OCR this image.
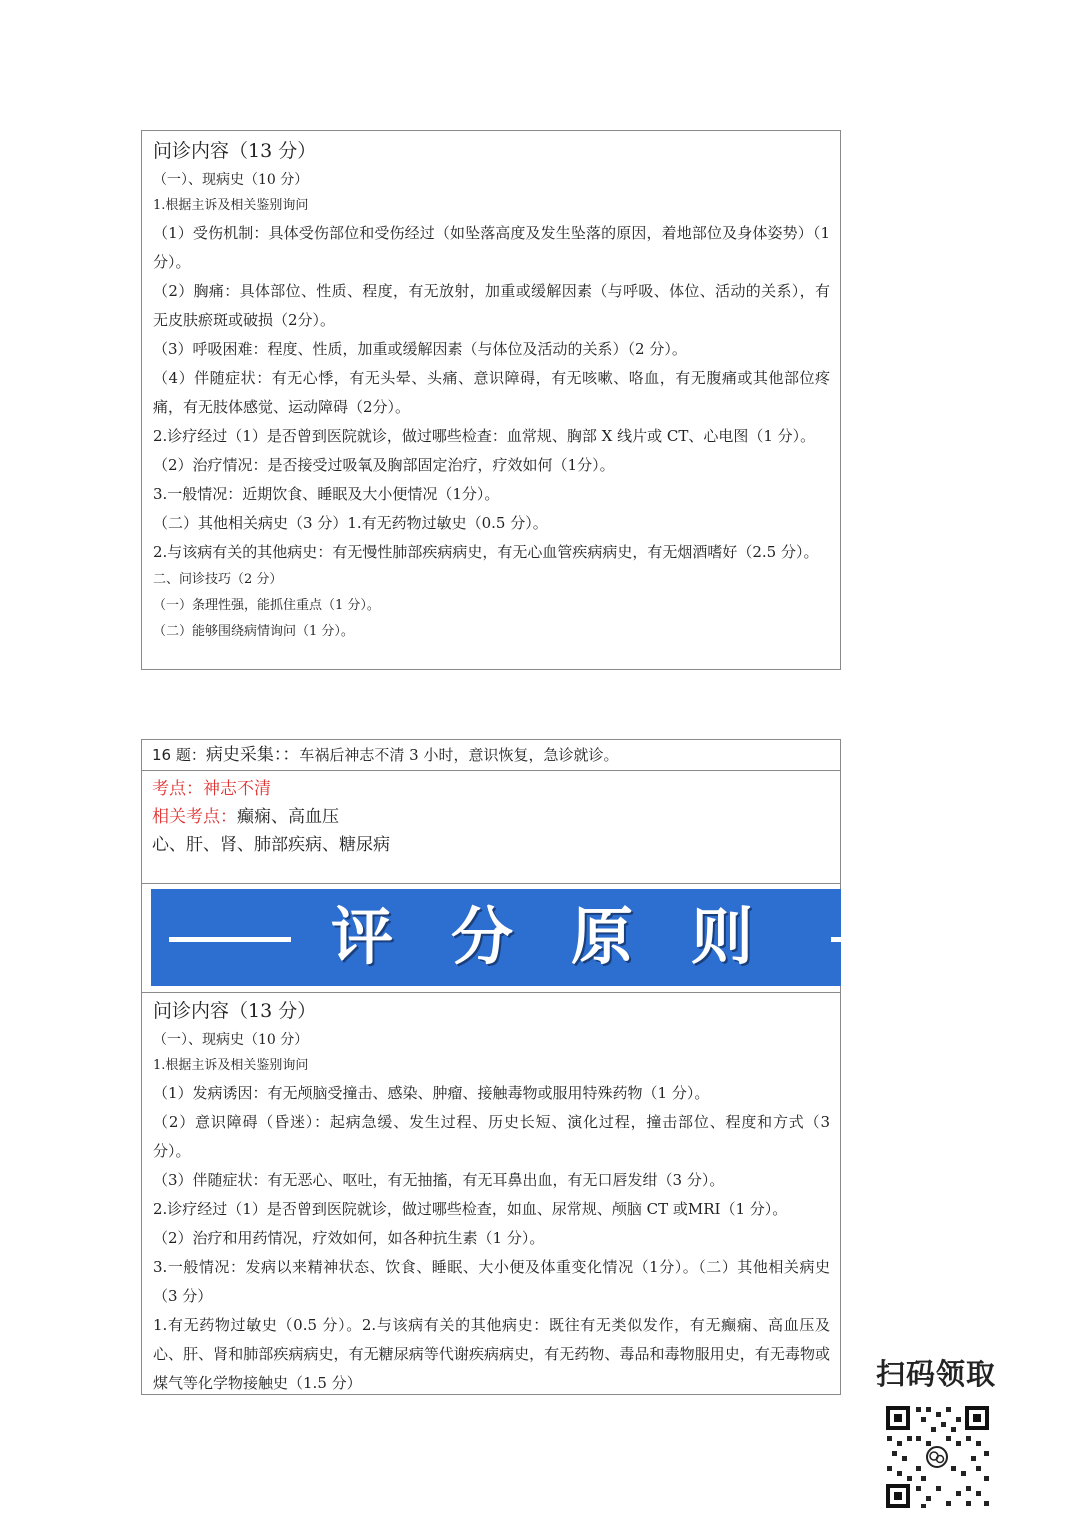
问诊内容（13 分）
（一）、现病史（10 分）
1.根据主诉及相关鉴别询问
（1）受伤机制：具体受伤部位和受伤经过（如坠落高度及发生坠落的原因，着地部位及身体姿势）（1 分）。
（2）胸痛：具体部位、性质、程度，有无放射，加重或缓解因素（与呼吸、体位、活动的关系），有无皮肤瘀斑或破损（2分）。
（3）呼吸困难：程度、性质，加重或缓解因素（与体位及活动的关系）（2 分）。
（4）伴随症状：有无心悸，有无头晕、头痛、意识障碍，有无咳嗽、咯血，有无腹痛或其他部位疼痛，有无肢体感觉、运动障碍（2分）。
2.诊疗经过（1）是否曾到医院就诊，做过哪些检查：血常规、胸部 X 线片或 CT、心电图（1 分）。
（2）治疗情况：是否接受过吸氧及胸部固定治疗，疗效如何（1分）。
3.一般情况：近期饮食、睡眠及大小便情况（1分）。
（二）其他相关病史（3 分）1.有无药物过敏史（0.5 分）。
2.与该病有关的其他病史：有无慢性肺部疾病病史，有无心血管疾病病史，有无烟酒嗜好（2.5 分）。
二、问诊技巧（2 分）
（一）条理性强，能抓住重点（1 分）。
（二）能够围绕病情询问（1 分）。
16 题：病史采集：：车祸后神志不清 3 小时，意识恢复，急诊就诊。
考点：神志不清
相关考点：癫痫、高血压
心、肝、肾、肺部疾病、糖尿病
评分原则
问诊内容（13 分）
（一）、现病史（10 分）
1.根据主诉及相关鉴别询问
（1）发病诱因：有无颅脑受撞击、感染、肿瘤、接触毒物或服用特殊药物（1 分）。
（2）意识障碍（昏迷）：起病急缓、发生过程、历史长短、演化过程，撞击部位、程度和方式（3 分）。
（3）伴随症状：有无恶心、呕吐，有无抽搐，有无耳鼻出血，有无口唇发绀（3 分）。
2.诊疗经过（1）是否曾到医院就诊，做过哪些检查，如血、尿常规、颅脑 CT 或MRI（1 分）。
（2）治疗和用药情况，疗效如何，如各种抗生素（1 分）。
3.一般情况：发病以来精神状态、饮食、睡眠、大小便及体重变化情况（1分）。（二）其他相关病史（3 分）
1.有无药物过敏史（0.5 分）。2.与该病有关的其他病史：既往有无类似发作，有无癫痫、高血压及心、肝、肾和肺部疾病病史，有无糖尿病等代谢疾病病史，有无药物、毒品和毒物服用史，有无毒物或煤气等化学物接触史（1.5 分）	扫码领取
